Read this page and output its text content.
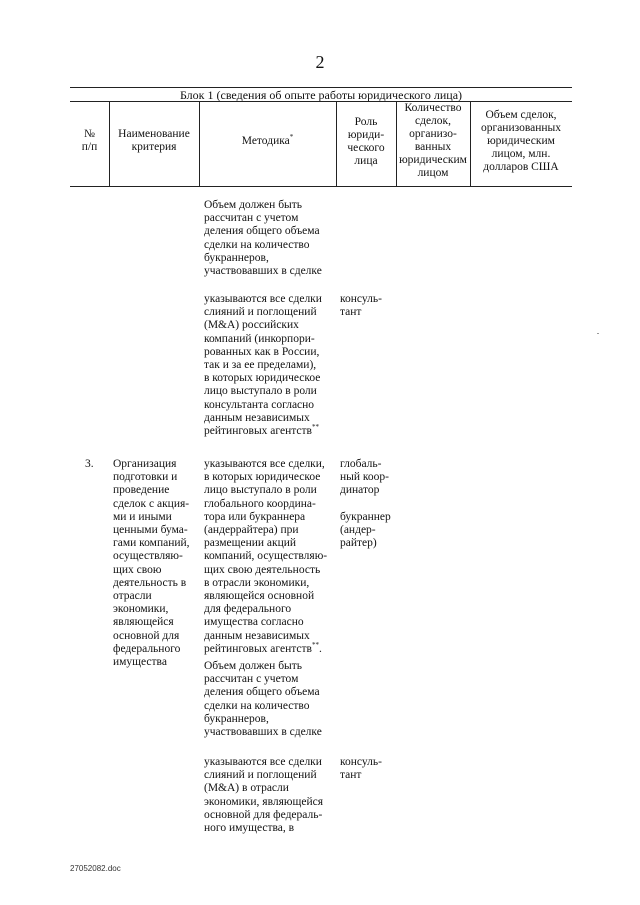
2
Блок 1 (сведения об опыте работы юридического лица)
№
п/п
Наименование
критерия	Методика*
Роль
юриди-
ческого
лица
Количество
сделок,
организо-
ванных
юридическим
лицом
Объем сделок,
организованных
юридическим
лицом, млн.
долларов США
Объем должен быть
рассчитан с учетом
деления общего объема
сделки на количество
букраннеров,
участвовавших в сделке
указываются все сделки
слияний и поглощений
(M&A) российских
компаний (инкорпори-
рованных как в России,
так и за ее пределами),
в которых юридическое
лицо выступало в роли
консультанта согласно
данным независимых
рейтинговых агентств**
консуль-
тант
3.	Организация
подготовки и
проведение
сделок с акция-
ми и иными
ценными бума-
гами компаний,
осуществляю-
щих свою
деятельность в
отрасли
экономики,
являющейся
основной для
федерального
имущества
указываются все сделки,
в которых юридическое
лицо выступало в роли
глобального координа-
тора или букраннера
(андеррайтера) при
размещении акций
компаний, осуществляю-
щих свою деятельность
в отрасли экономики,
являющейся основной
для федерального
имущества согласно
данным независимых
рейтинговых агентств**.
Объем должен быть
рассчитан с учетом
деления общего объема
сделки на количество
букраннеров,
участвовавших в сделке
глобаль-
ный коор-
динатор
букраннер
(андер-
райтер)
указываются все сделки
слияний и поглощений
(M&A) в отрасли
экономики, являющейся
основной для федераль-
ного имущества, в
консуль-
тант
27052082.doc
